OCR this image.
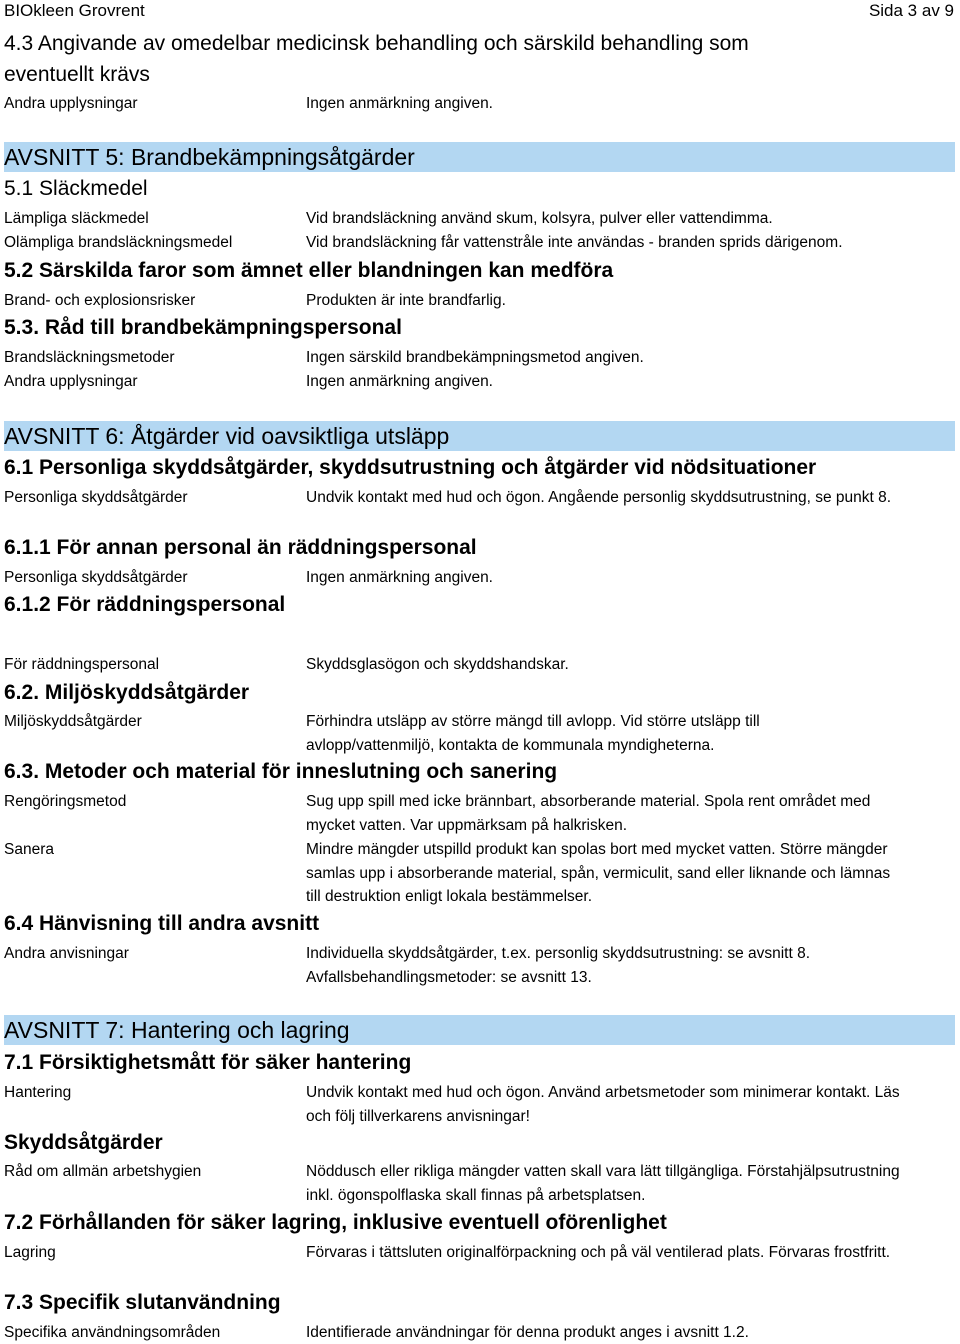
BIOkleen Grovrent	Sida 3 av 9
4.3 Angivande av omedelbar medicinsk behandling och särskild behandling som
eventuellt krävs
Andra upplysningar	Ingen anmärkning angiven.
AVSNITT 5: Brandbekämpningsåtgärder
5.1 Släckmedel
Lämpliga släckmedel	Vid brandsläckning använd skum, kolsyra, pulver eller vattendimma.
Olämpliga brandsläckningsmedel	Vid brandsläckning får vattenstråle inte användas - branden sprids därigenom.
5.2 Särskilda faror som ämnet eller blandningen kan medföra
Brand- och explosionsrisker	Produkten är inte brandfarlig.
5.3. Råd till brandbekämpningspersonal
Brandsläckningsmetoder	Ingen särskild brandbekämpningsmetod angiven.
Andra upplysningar	Ingen anmärkning angiven.
AVSNITT 6: Åtgärder vid oavsiktliga utsläpp
6.1 Personliga skyddsåtgärder, skyddsutrustning och åtgärder vid nödsituationer
Personliga skyddsåtgärder	Undvik kontakt med hud och ögon. Angående personlig skyddsutrustning, se punkt 8.
6.1.1 För annan personal än räddningspersonal
Personliga skyddsåtgärder	Ingen anmärkning angiven.
6.1.2 För räddningspersonal
För räddningspersonal	Skyddsglasögon och skyddshandskar.
6.2. Miljöskyddsåtgärder
Miljöskyddsåtgärder	Förhindra utsläpp av större mängd till avlopp. Vid större utsläpp till avlopp/vattenmiljö, kontakta de kommunala myndigheterna.
6.3. Metoder och material för inneslutning och sanering
Rengöringsmetod	Sug upp spill med icke brännbart, absorberande material. Spola rent området med mycket vatten. Var uppmärksam på halkrisken.
Sanera	Mindre mängder utspilld produkt kan spolas bort med mycket vatten. Större mängder samlas upp i absorberande material, spån, vermiculit, sand eller liknande och lämnas till destruktion enligt lokala bestämmelser.
6.4 Hänvisning till andra avsnitt
Andra anvisningar	Individuella skyddsåtgärder, t.ex. personlig skyddsutrustning: se avsnitt 8. Avfallsbehandlingsmetoder: se avsnitt 13.
AVSNITT 7: Hantering och lagring
7.1 Försiktighetsmått för säker hantering
Hantering	Undvik kontakt med hud och ögon. Använd arbetsmetoder som minimerar kontakt. Läs och följ tillverkarens anvisningar!
Skyddsåtgärder
Råd om allmän arbetshygien	Nöddusch eller rikliga mängder vatten skall vara lätt tillgängliga. Förstahjälpsutrustning inkl. ögonspolflaska skall finnas på arbetsplatsen.
7.2 Förhållanden för säker lagring, inklusive eventuell oförenlighet
Lagring	Förvaras i tättsluten originalförpackning och på väl ventilerad plats. Förvaras frostfritt.
7.3 Specifik slutanvändning
Specifika användningsområden	Identifierade användningar för denna produkt anges i avsnitt 1.2.
